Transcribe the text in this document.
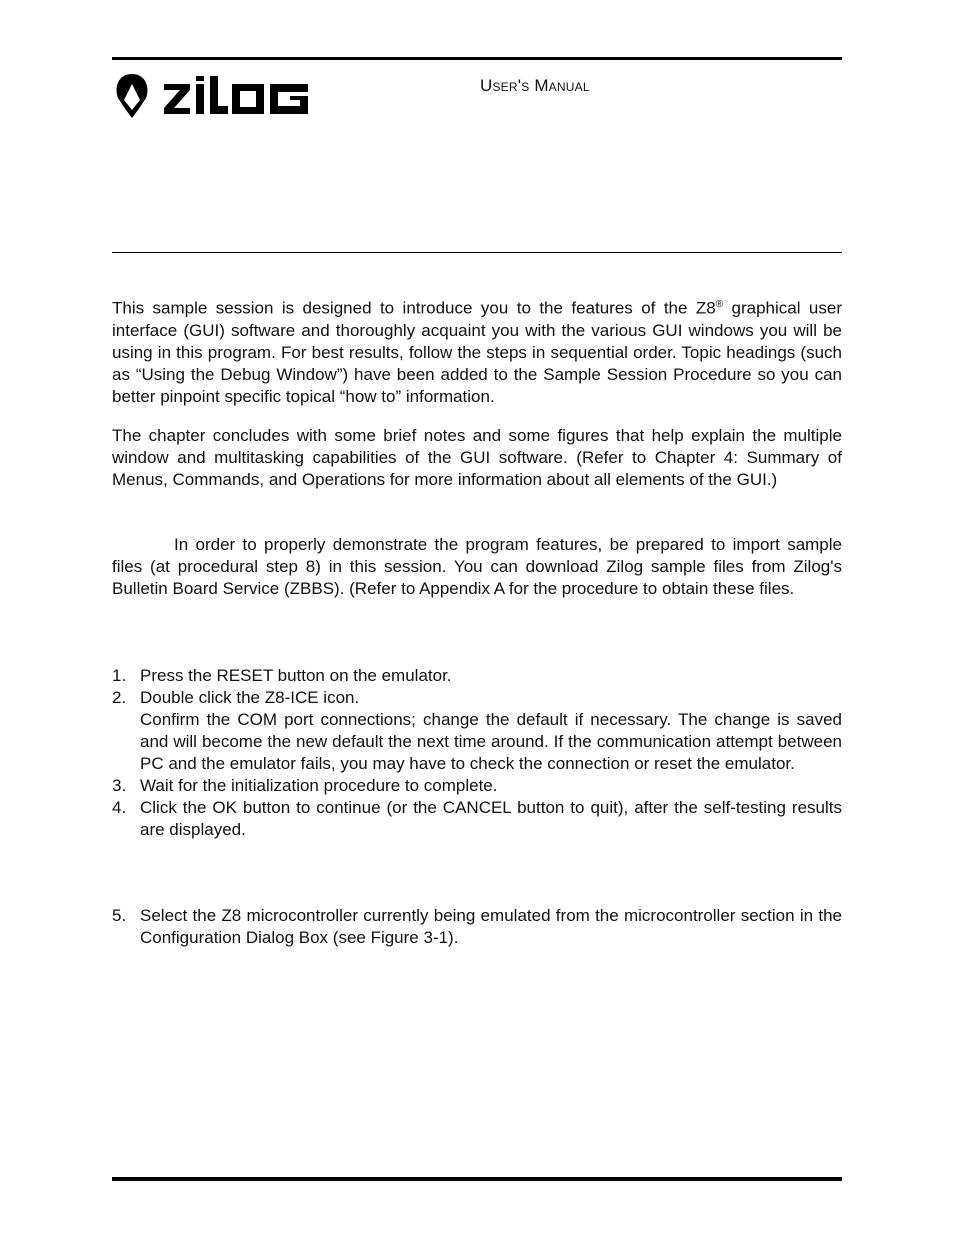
User's Manual
This sample session is designed to introduce you to the features of the Z8® graphical user interface (GUI) software and thoroughly acquaint you with the various GUI windows you will be using in this program. For best results, follow the steps in sequential order. Topic headings (such as “Using the Debug Window”) have been added to the Sample Session Procedure so you can better pinpoint specific topical “how to” information.
The chapter concludes with some brief notes and some figures that help explain the multiple window and multitasking capabilities of the GUI software. (Refer to Chapter 4: Summary of Menus, Commands, and Operations for more information about all elements of the GUI.)
In order to properly demonstrate the program features, be prepared to import sample files (at procedural step 8) in this session. You can download Zilog sample files from Zilog's Bulletin Board Service (ZBBS). (Refer to Appendix A for the procedure to obtain these files.
1. Press the RESET button on the emulator.
2. Double click the Z8-ICE icon.
Confirm the COM port connections; change the default if necessary. The change is saved and will become the new default the next time around. If the communication attempt between PC and the emulator fails, you may have to check the connection or reset the emulator.
3. Wait for the initialization procedure to complete.
4. Click the OK button to continue (or the CANCEL button to quit), after the self-testing results are displayed.
5. Select the Z8 microcontroller currently being emulated from the microcontroller section in the Configuration Dialog Box (see Figure 3-1).
